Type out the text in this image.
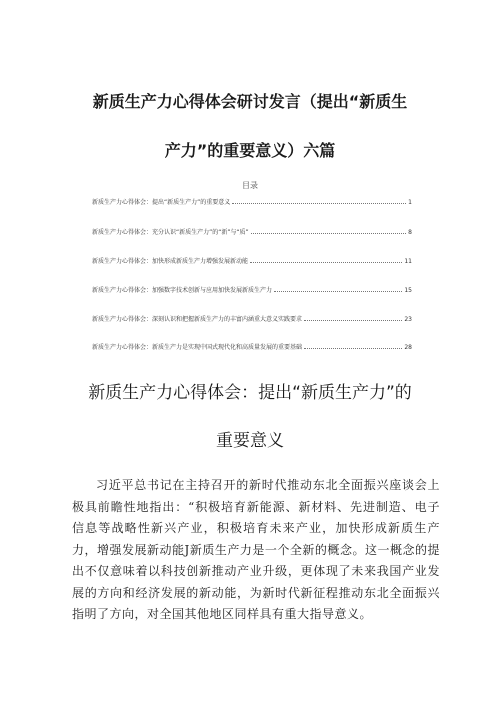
新质生产力心得体会研讨发言（提出“新质生
产力”的重要意义）六篇
目录
新质生产力心得体会：提出“新质生产力”的重要意义	1
新质生产力心得体会：充分认识“新质生产力”的“新”与“质”	8
新质生产力心得体会：加快形成新质生产力增强发展新动能	11
新质生产力心得体会：加强数字技术创新与应用加快发展新质生产力	15
新质生产力心得体会：深刻认识和把握新质生产力的丰富内涵重大意义实践要求	23
新质生产力心得体会：新质生产力是实现中国式现代化和高质量发展的重要基础	28
新质生产力心得体会：提出“新质生产力”的
重要意义
习近平总书记在主持召开的新时代推动东北全面振兴座谈会上极具前瞻性地指出：“积极培育新能源、新材料、先进制造、电子信息等战略性新兴产业，积极培育未来产业，加快形成新质生产力，增强发展新动能J新质生产力是一个全新的概念。这一概念的提出不仅意味着以科技创新推动产业升级，更体现了未来我国产业发展的方向和经济发展的新动能，为新时代新征程推动东北全面振兴指明了方向，对全国其他地区同样具有重大指导意义。
